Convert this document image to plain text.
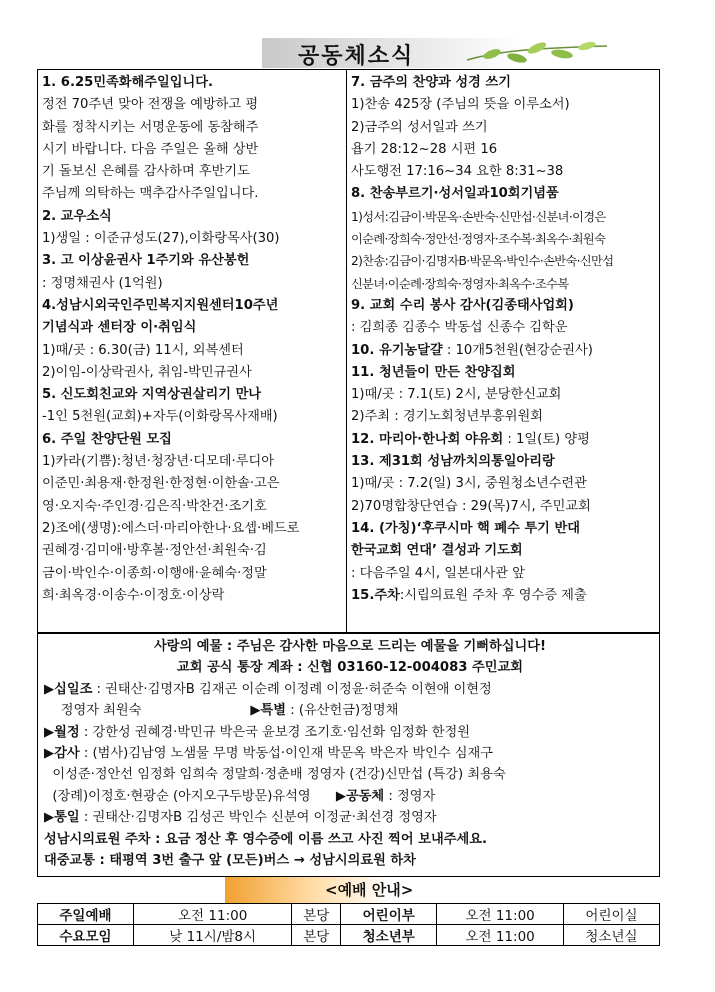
공동체소식
1. 6.25민족화해주일입니다.
정전 70주년 맞아 전쟁을 예방하고 평
화를 정착시키는 서명운동에 동참해주
시기 바랍니다. 다음 주일은 올해 상반
기 돌보신 은혜를 감사하며 후반기도
주님께 의탁하는 맥추감사주일입니다.
2. 교우소식
1)생일 : 이준규성도(27),이화랑목사(30)
3. 고 이상윤권사 1주기와 유산봉헌
: 정명채권사 (1억원)
4.성남시외국인주민복지지원센터10주년
기념식과 센터장 이·취임식
1)때/곳 : 6.30(금) 11시, 외복센터
2)이임-이상락권사, 취임-박민규권사
5. 신도회친교와 지역상권살리기 만나
-1인 5천원(교회)+자두(이화랑목사재배)
6. 주일 찬양단원 모집
1)카라(기쁨):청년·청장년·디모데·루디아
이준민·최용재·한정원·한정현·이한솔·고은
영·오지숙·주인경·김은직·박찬건·조기호
2)조에(생명):에스더·마리아한나·요셉·베드로
권혜경·김미애·방후볼·정안선·최원숙·김
금이·박인수·이종희·이행애·윤혜숙·정말
희·최옥경·이송수·이정호·이상락
7. 금주의 찬양과 성경 쓰기
1)찬송 425장 (주님의 뜻을 이루소서)
2)금주의 성서일과 쓰기
욥기 28:12~28 시편 16
사도행전 17:16~34 요한 8:31~38
8. 찬송부르기·성서일과10회기념품
1)성서:김금이·박문옥·손반숙·신만섭·신분녀·이경은
이순례·장희숙·정안선·정영자·조수복·최옥수·최원숙
2)찬송:김금이·김명자B·박문옥·박인수·손반숙·신만섭
신분녀·이순례·장희숙·정영자·최옥수·조수복
9. 교회 수리 봉사 감사(김종태사업회)
: 김희종 김종수 박동섭 신종수 김학운
10. 유기농달걀 : 10개5천원(현강순권사)
11. 청년들이 만든 찬양집회
1)때/곳 : 7.1(토) 2시, 분당한신교회
2)주최 : 경기노회청년부흥위원회
12. 마리아·한나회 야유회 : 1일(토) 양평
13. 제31회 성남까치의통일아리랑
1)때/곳 : 7.2(일) 3시, 중원청소년수련관
2)70명합창단연습 : 29(목)7시, 주민교회
14. (가칭)‘후쿠시마 핵 폐수 투기 반대
한국교회 연대’ 결성과 기도회
: 다음주일 4시, 일본대사관 앞
15.주차:시립의료원 주차 후 영수증 제출
사랑의 예물 : 주님은 감사한 마음으로 드리는 예물을 기뻐하십니다!
교회 공식 통장 계좌 : 신협 03160-12-004083 주민교회
▶십일조 : 권태산·김명자B 김재곤 이순례 이정례 이정윤·허준숙 이현애 이현정
정영자 최원숙                          ▶특별 : (유산헌금)정명채
▶월정 : 강한성 권혜경·박민규 박은국 윤보경 조기호·임선화 임정화 한정원
▶감사 : (범사)김남영 노샘물 무명 박동섭·이인재 박문옥 박은자 박인수 심재구
이성준·정안선 임정화 임희숙 정말희·정춘배 정영자 (건강)신만섭 (특강) 최용숙
(장례)이정호·현광순 (아지오구두방문)유석영      ▶공동체 : 정영자
▶통일 : 권태산·김명자B 김성곤 박인수 신분여 이정균·최선경 정영자
성남시의료원 주차 : 요금 정산 후 영수증에 이름 쓰고 사진 찍어 보내주세요.
대중교통 : 태평역 3번 출구 앞 (모든)버스 → 성남시의료원 하차
<예배 안내>
주일예배	오전 11:00	본당	어린이부	오전 11:00	어린이실
수요모임	낮 11시/밤8시	본당	청소년부	오전 11:00	청소년실
